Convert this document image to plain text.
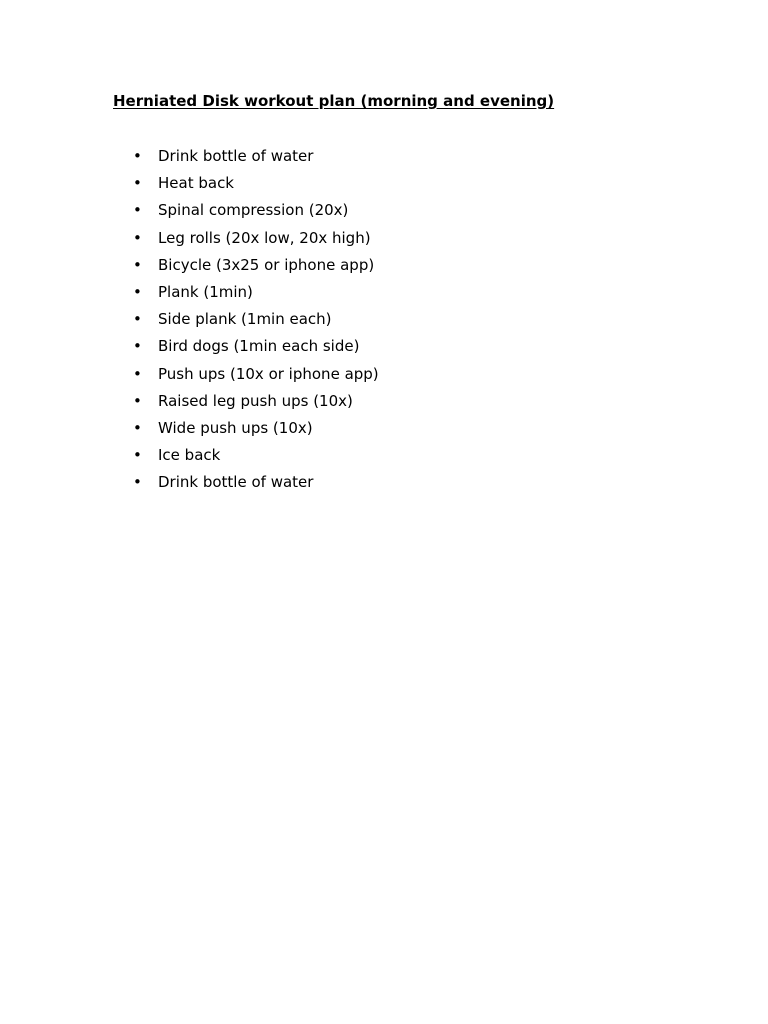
Herniated Disk workout plan (morning and evening)
• Drink bottle of water
• Heat back
• Spinal compression (20x)
• Leg rolls (20x low, 20x high)
• Bicycle (3x25 or iphone app)
• Plank (1min)
• Side plank (1min each)
• Bird dogs (1min each side)
• Push ups (10x or iphone app)
• Raised leg push ups (10x)
• Wide push ups (10x)
• Ice back
• Drink bottle of water
